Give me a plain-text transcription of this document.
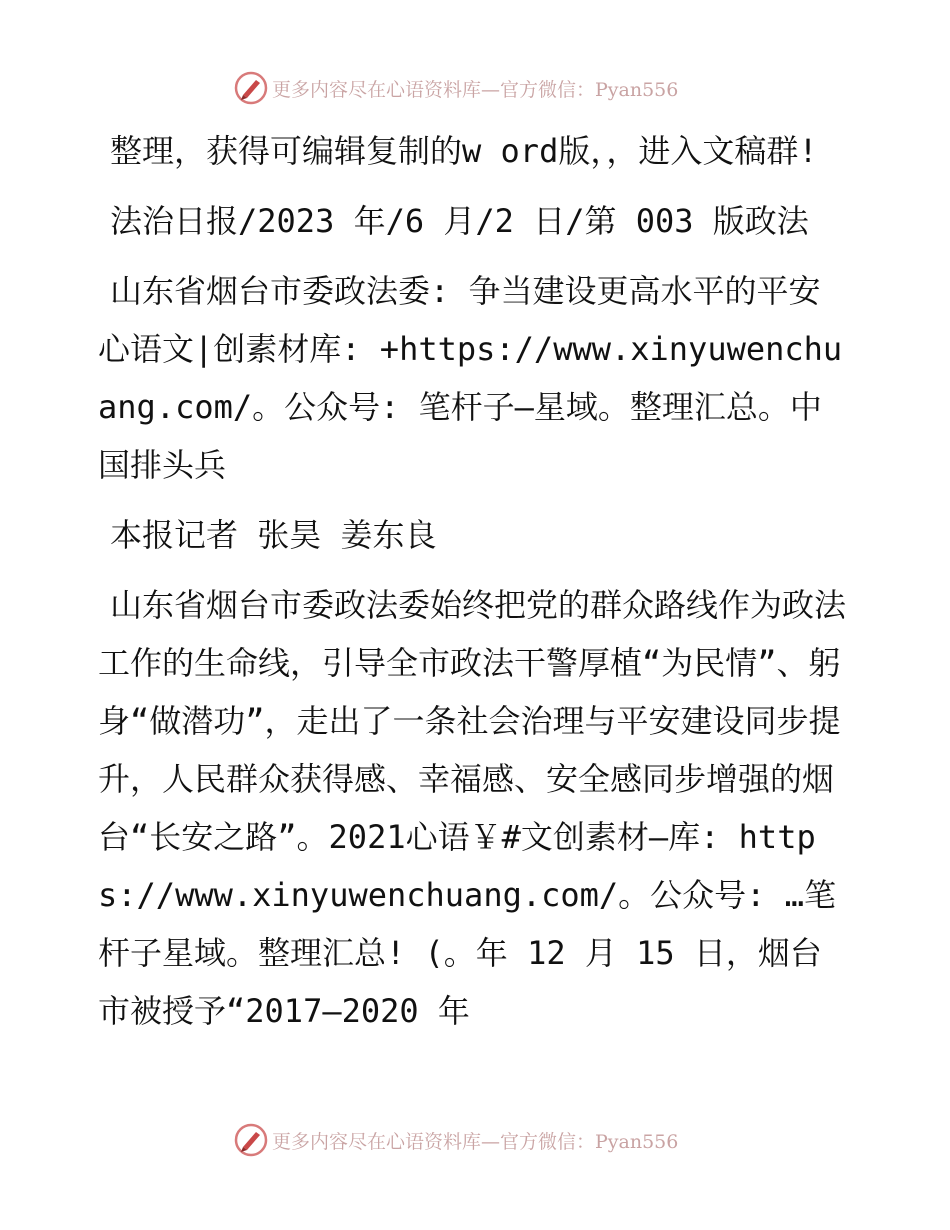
更多内容尽在心语资料库—官方微信：Pyan556

整理，获得可编辑复制的w ord版，，进入文稿群!

法治日报/2023 年/6 月/2 日/第 003 版政法

山东省烟台市委政法委: 争当建设更高水平的平安心语文|创素材库: +https://www.xinyuwenchuang.com/。公众号: 笔杆子—星域。整理汇总。中国排头兵

本报记者 张昊 姜东良

山东省烟台市委政法委始终把党的群众路线作为政法工作的生命线，引导全市政法干警厚植“为民情”、躬身“做潜功”，走出了一条社会治理与平安建设同步提升，人民群众获得感、幸福感、安全感同步增强的烟台“长安之路”。2021心语￥#文创素材—库: https://www.xinyuwenchuang.com/。公众号: …笔杆子星域。整理汇总! (。年 12 月 15 日，烟台市被授予“2017—2020 年

更多内容尽在心语资料库—官方微信：Pyan556
